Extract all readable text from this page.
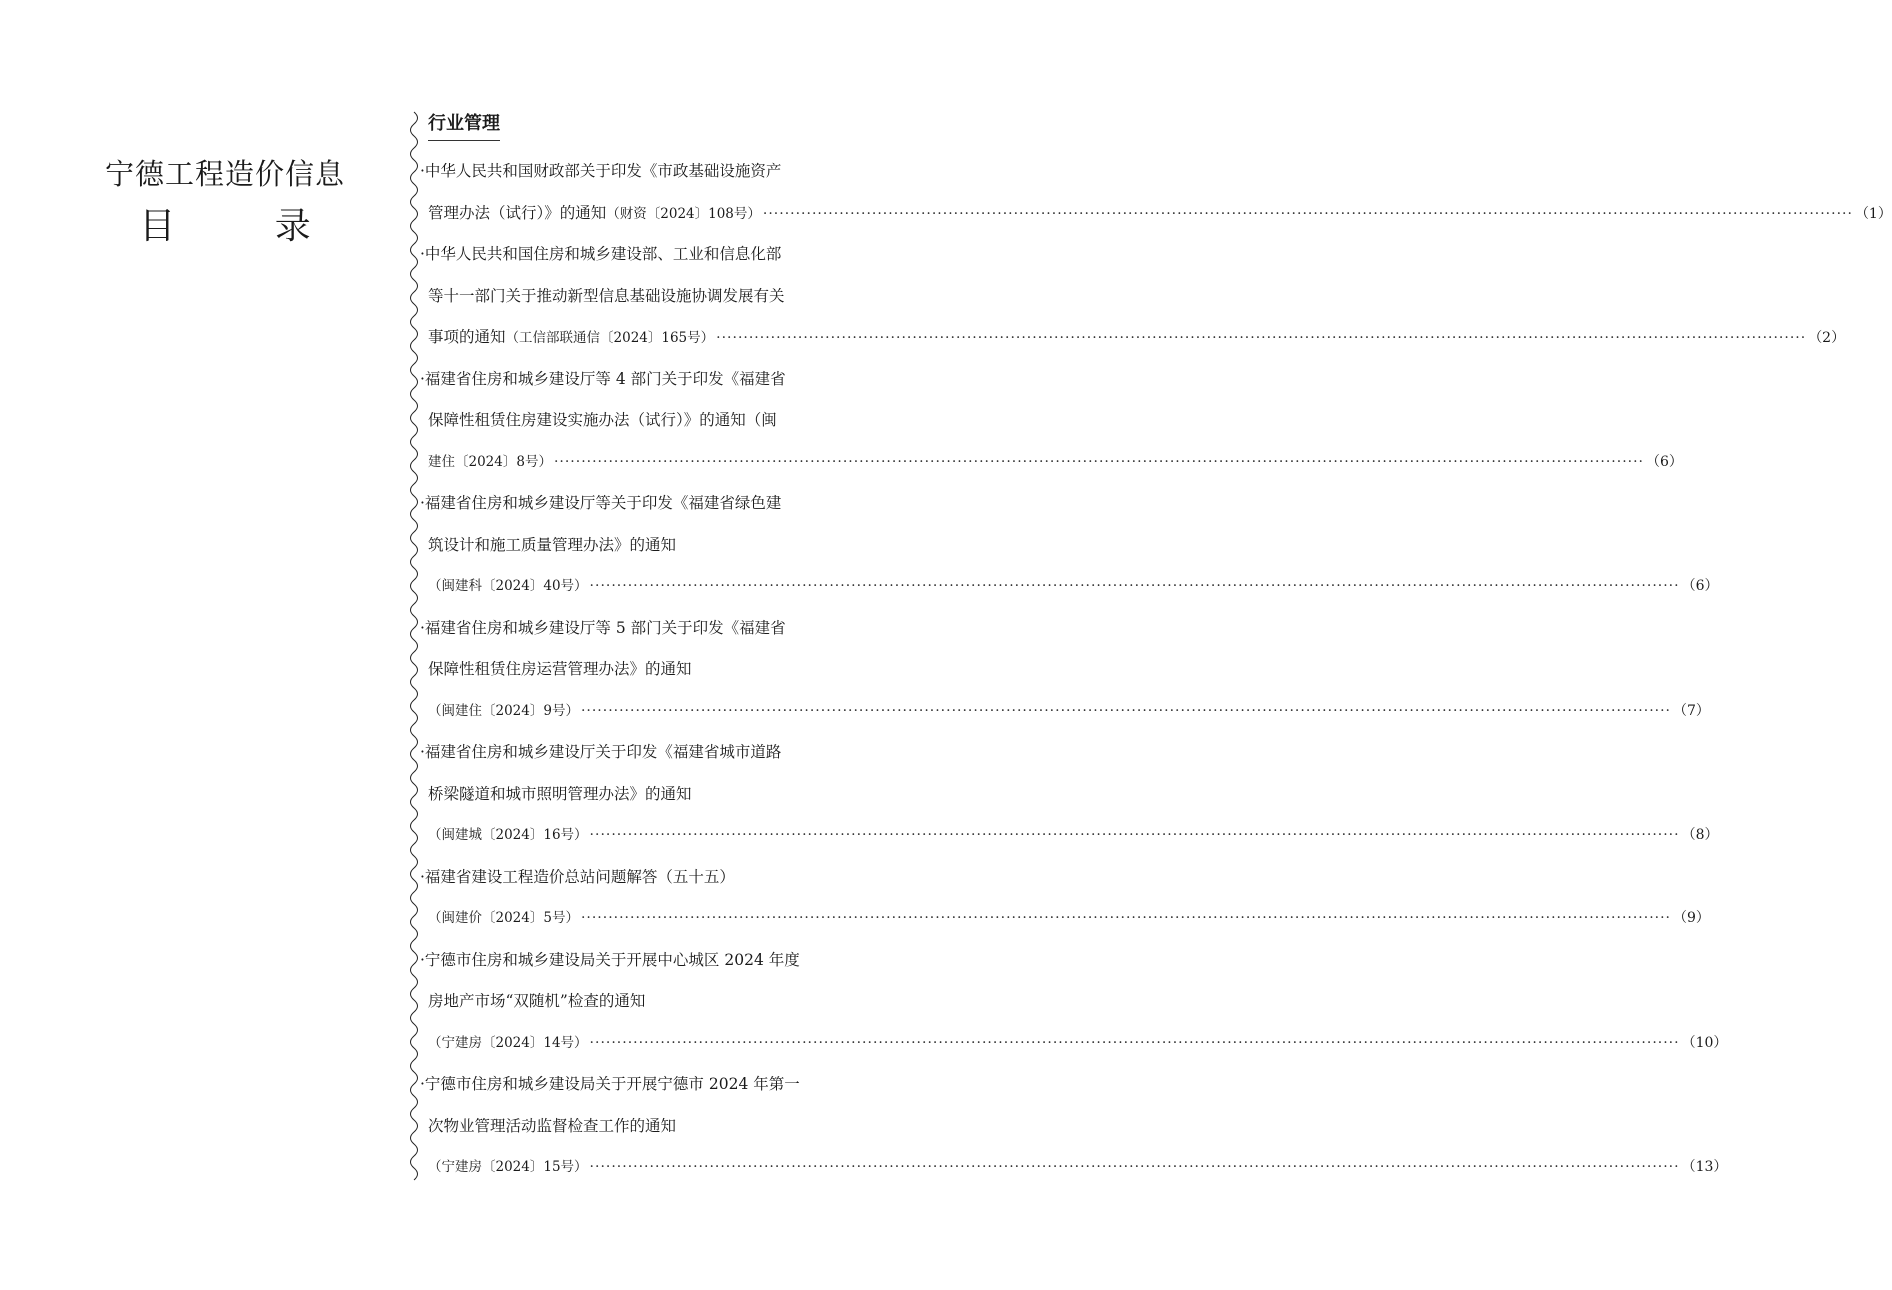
宁德工程造价信息
目 录
行业管理
·中华人民共和国财政部关于印发《市政基础设施资产
管理办法（试行）》的通知（财资〔2024〕108号） ········································································································································································································ （1）
·中华人民共和国住房和城乡建设部、工业和信息化部
等十一部门关于推动新型信息基础设施协调发展有关
事项的通知（工信部联通信〔2024〕165号） ········································································································································································································ （2）
·福建省住房和城乡建设厅等 4 部门关于印发《福建省
保障性租赁住房建设实施办法（试行）》的通知（闽
建住〔2024〕8号） ········································································································································································································ （6）
·福建省住房和城乡建设厅等关于印发《福建省绿色建
筑设计和施工质量管理办法》的通知
（闽建科〔2024〕40号） ········································································································································································································ （6）
·福建省住房和城乡建设厅等 5 部门关于印发《福建省
保障性租赁住房运营管理办法》的通知
（闽建住〔2024〕9号） ········································································································································································································ （7）
·福建省住房和城乡建设厅关于印发《福建省城市道路
桥梁隧道和城市照明管理办法》的通知
（闽建城〔2024〕16号） ········································································································································································································ （8）
·福建省建设工程造价总站问题解答（五十五）
（闽建价〔2024〕5号） ········································································································································································································ （9）
·宁德市住房和城乡建设局关于开展中心城区 2024 年度
房地产市场“双随机”检查的通知
（宁建房〔2024〕14号） ········································································································································································································ （10）
·宁德市住房和城乡建设局关于开展宁德市 2024 年第一
次物业管理活动监督检查工作的通知
（宁建房〔2024〕15号） ········································································································································································································ （13）
